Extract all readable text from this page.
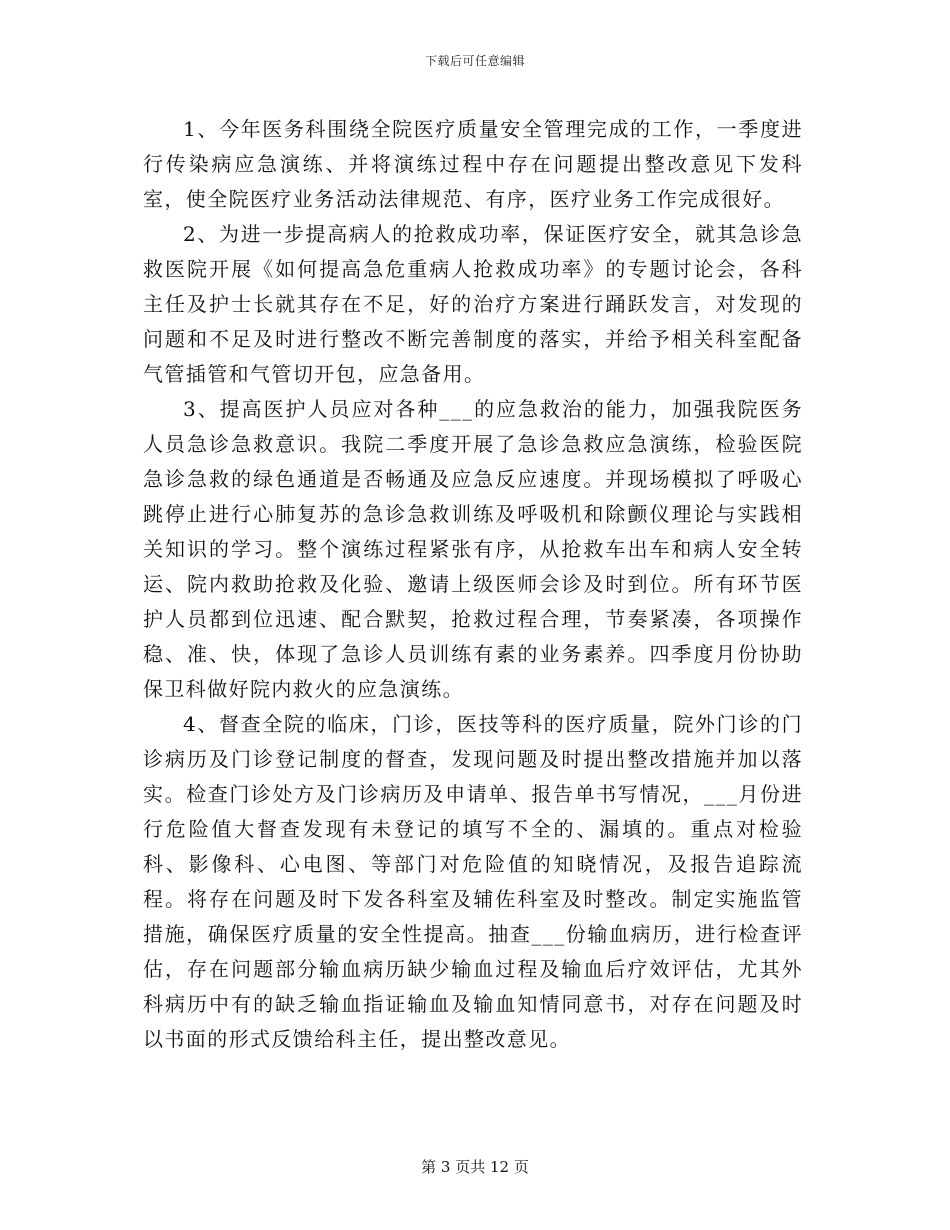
下载后可任意编辑

1、今年医务科围绕全院医疗质量安全管理完成的工作，一季度进行传染病应急演练、并将演练过程中存在问题提出整改意见下发科室，使全院医疗业务活动法律规范、有序，医疗业务工作完成很好。

2、为进一步提高病人的抢救成功率，保证医疗安全，就其急诊急救医院开展《如何提高急危重病人抢救成功率》的专题讨论会，各科主任及护士长就其存在不足，好的治疗方案进行踊跃发言，对发现的问题和不足及时进行整改不断完善制度的落实，并给予相关科室配备气管插管和气管切开包，应急备用。

3、提高医护人员应对各种___的应急救治的能力，加强我院医务人员急诊急救意识。我院二季度开展了急诊急救应急演练，检验医院急诊急救的绿色通道是否畅通及应急反应速度。并现场模拟了呼吸心跳停止进行心肺复苏的急诊急救训练及呼吸机和除颤仪理论与实践相关知识的学习。整个演练过程紧张有序，从抢救车出车和病人安全转运、院内救助抢救及化验、邀请上级医师会诊及时到位。所有环节医护人员都到位迅速、配合默契，抢救过程合理，节奏紧凑，各项操作稳、准、快，体现了急诊人员训练有素的业务素养。四季度月份协助保卫科做好院内救火的应急演练。

4、督查全院的临床，门诊，医技等科的医疗质量，院外门诊的门诊病历及门诊登记制度的督查，发现问题及时提出整改措施并加以落实。检查门诊处方及门诊病历及申请单、报告单书写情况，___月份进行危险值大督查发现有未登记的填写不全的、漏填的。重点对检验科、影像科、心电图、等部门对危险值的知晓情况，及报告追踪流程。将存在问题及时下发各科室及辅佐科室及时整改。制定实施监管措施，确保医疗质量的安全性提高。抽查___份输血病历，进行检查评估，存在问题部分输血病历缺少输血过程及输血后疗效评估，尤其外科病历中有的缺乏输血指证输血及输血知情同意书，对存在问题及时以书面的形式反馈给科主任，提出整改意见。

第 3 页共 12 页
